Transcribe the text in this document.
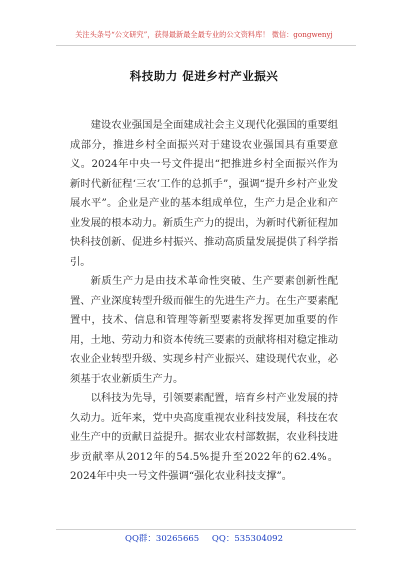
关注头条号“公文研究”，获得最新最全最专业的公文资料库！ 微信：gongwenyj
科技助力 促进乡村产业振兴

建设农业强国是全面建成社会主义现代化强国的重要组成部分，推进乡村全面振兴对于建设农业强国具有重要意义。2024年中央一号文件提出“把推进乡村全面振兴作为新时代新征程‘三农’工作的总抓手”，强调“提升乡村产业发展水平”。企业是产业的基本组成单位，生产力是企业和产业发展的根本动力。新质生产力的提出，为新时代新征程加快科技创新、促进乡村振兴、推动高质量发展提供了科学指引。

新质生产力是由技术革命性突破、生产要素创新性配置、产业深度转型升级而催生的先进生产力。在生产要素配置中，技术、信息和管理等新型要素将发挥更加重要的作用，土地、劳动力和资本传统三要素的贡献将相对稳定推动农业企业转型升级、实现乡村产业振兴、建设现代农业，必须基于农业新质生产力。

以科技为先导，引领要素配置，培育乡村产业发展的持久动力。近年来，党中央高度重视农业科技发展，科技在农业生产中的贡献日益提升。据农业农村部数据，农业科技进步贡献率从2012年的54.5%提升至2022年的62.4%。2024年中央一号文件强调“强化农业科技支撑”。

QQ群：30265665 QQ：535304092
